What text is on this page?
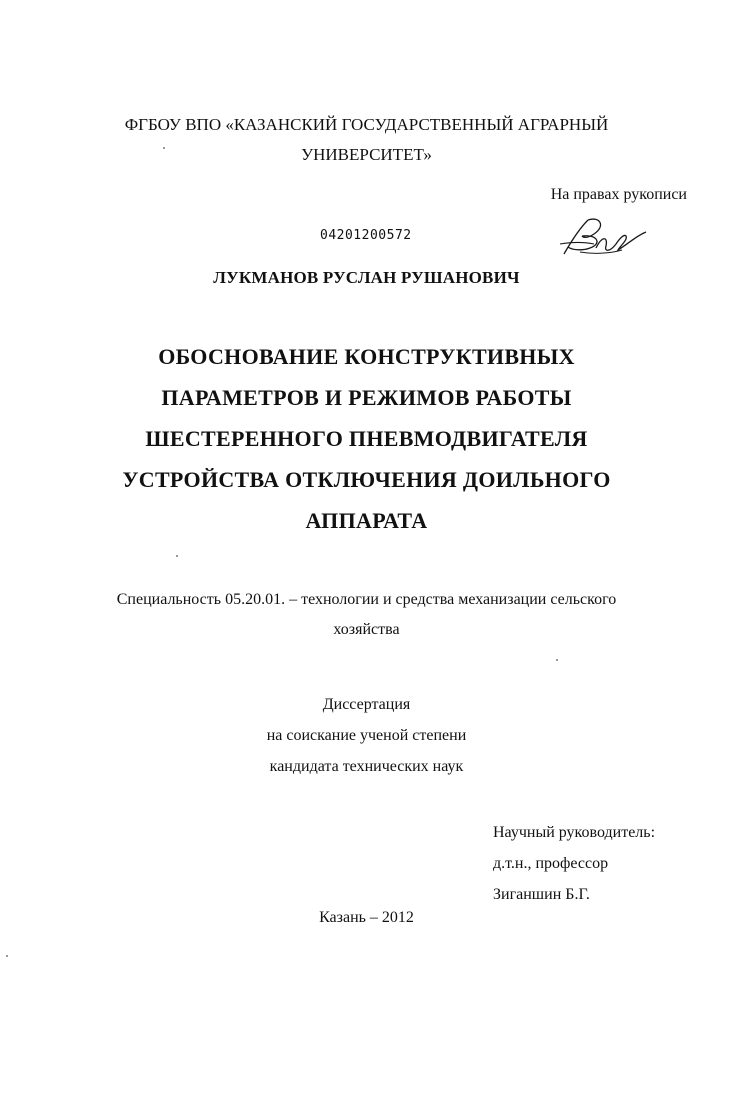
ФГБОУ ВПО «КАЗАНСКИЙ ГОСУДАРСТВЕННЫЙ АГРАРНЫЙ
УНИВЕРСИТЕТ»
На правах рукописи
04201200572
ЛУКМАНОВ РУСЛАН РУШАНОВИЧ
ОБОСНОВАНИЕ КОНСТРУКТИВНЫХ
ПАРАМЕТРОВ И РЕЖИМОВ РАБОТЫ
ШЕСТЕРЕННОГО ПНЕВМОДВИГАТЕЛЯ
УСТРОЙСТВА ОТКЛЮЧЕНИЯ ДОИЛЬНОГО
АППАРАТА
Специальность 05.20.01. – технологии и средства механизации сельского
хозяйства
Диссертация
на соискание ученой степени
кандидата технических наук
Научный руководитель:
д.т.н., профессор
Зиганшин Б.Г.
Казань – 2012
